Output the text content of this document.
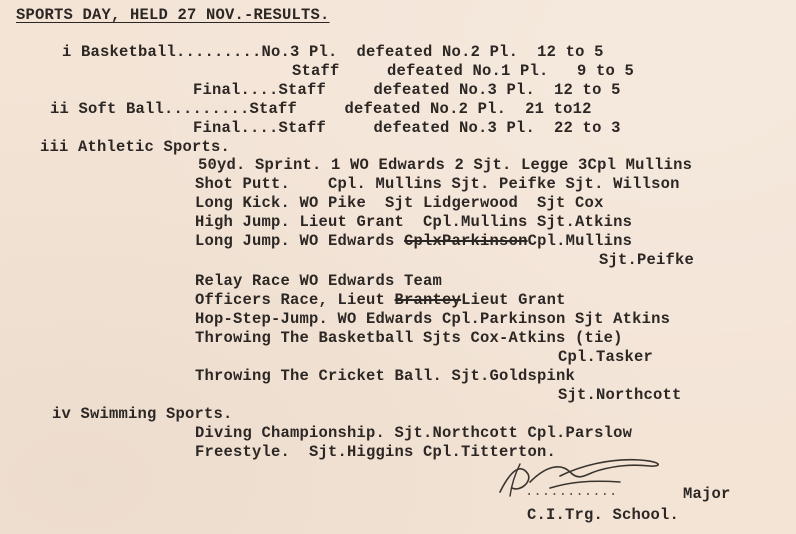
SPORTS DAY, HELD 27 NOV.-RESULTS.
i Basketball.........No.3 Pl.  defeated No.2 Pl.  12 to 5
Staff     defeated No.1 Pl.   9 to 5
Final....Staff     defeated No.3 Pl.  12 to 5
ii Soft Ball.........Staff     defeated No.2 Pl.  21 to12
Final....Staff     defeated No.3 Pl.  22 to 3
iii Athletic Sports.
50yd. Sprint. 1 WO Edwards 2 Sjt. Legge 3Cpl Mullins
Shot Putt.    Cpl. Mullins Sjt. Peifke Sjt. Willson
Long Kick. WO Pike  Sjt Lidgerwood  Sjt Cox
High Jump. Lieut Grant  Cpl.Mullins Sjt.Atkins
Long Jump. WO Edwards CplxParkinsonCpl.Mullins
Sjt.Peifke
Relay Race WO Edwards Team
Officers Race, Lieut BranteyLieut Grant
Hop-Step-Jump. WO Edwards Cpl.Parkinson Sjt Atkins
Throwing The Basketball Sjts Cox-Atkins (tie)
Cpl.Tasker
Throwing The Cricket Ball. Sjt.Goldspink
Sjt.Northcott
iv Swimming Sports.
Diving Championship. Sjt.Northcott Cpl.Parslow
Freestyle.  Sjt.Higgins Cpl.Titterton.
...........	Major
C.I.Trg. School.
